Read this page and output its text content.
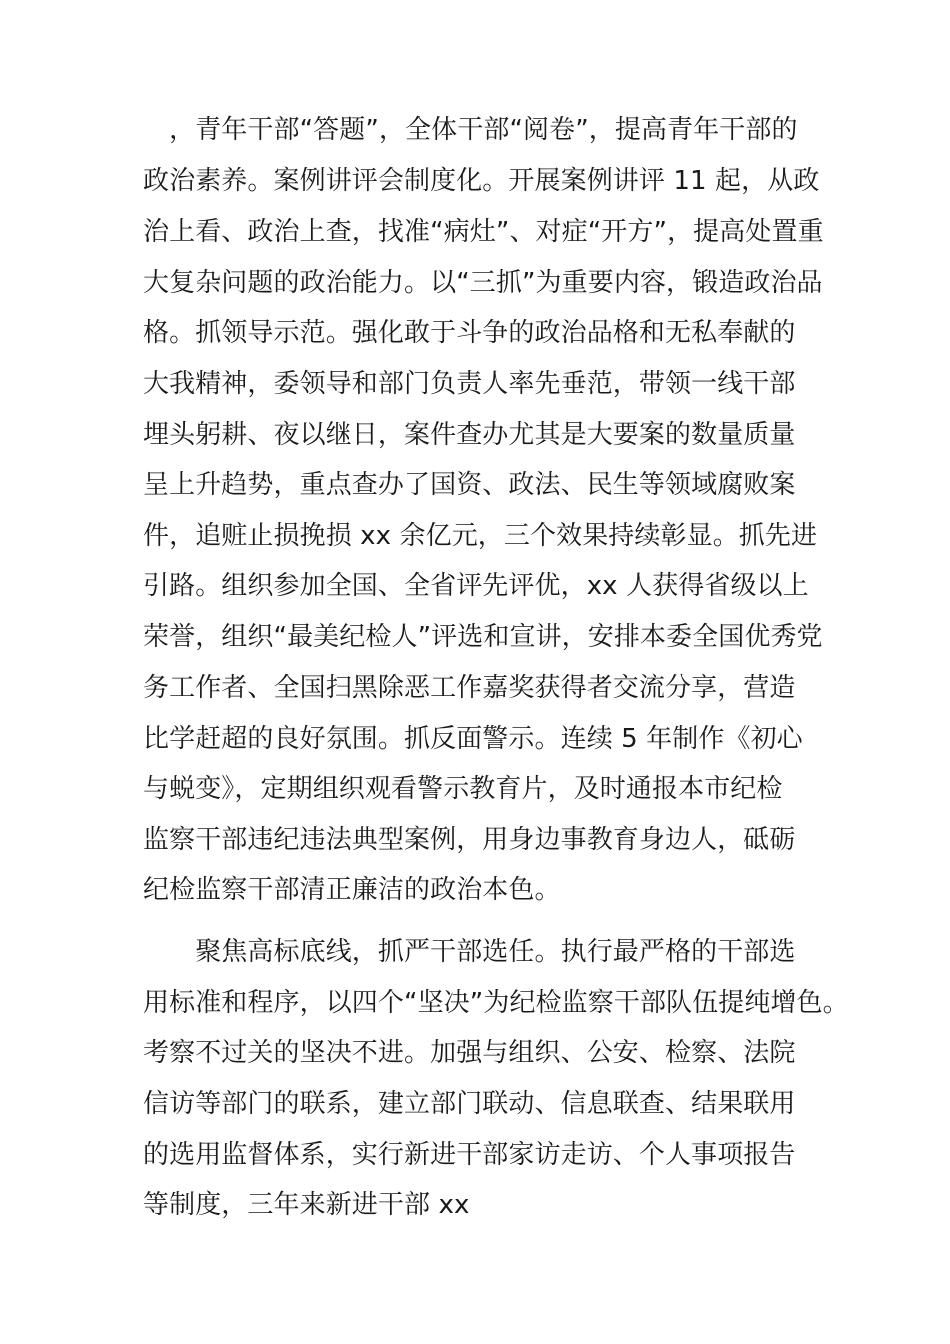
　，青年干部“答题”，全体干部“阅卷”，提高青年干部的
政治素养。案例讲评会制度化。开展案例讲评 11 起，从政
治上看、政治上查，找准“病灶”、对症“开方”，提高处置重
大复杂问题的政治能力。以“三抓”为重要内容，锻造政治品
格。抓领导示范。强化敢于斗争的政治品格和无私奉献的
大我精神，委领导和部门负责人率先垂范，带领一线干部
埋头躬耕、夜以继日，案件查办尤其是大要案的数量质量
呈上升趋势，重点查办了国资、政法、民生等领域腐败案
件，追赃止损挽损 xx 余亿元，三个效果持续彰显。抓先进
引路。组织参加全国、全省评先评优，xx 人获得省级以上
荣誉，组织“最美纪检人”评选和宣讲，安排本委全国优秀党
务工作者、全国扫黑除恶工作嘉奖获得者交流分享，营造
比学赶超的良好氛围。抓反面警示。连续 5 年制作《初心
与蜕变》，定期组织观看警示教育片，及时通报本市纪检
监察干部违纪违法典型案例，用身边事教育身边人，砥砺
纪检监察干部清正廉洁的政治本色。
　　聚焦高标底线，抓严干部选任。执行最严格的干部选
用标准和程序，以四个“坚决”为纪检监察干部队伍提纯增色。
考察不过关的坚决不进。加强与组织、公安、检察、法院
信访等部门的联系，建立部门联动、信息联查、结果联用
的选用监督体系，实行新进干部家访走访、个人事项报告
等制度，三年来新进干部 xx
